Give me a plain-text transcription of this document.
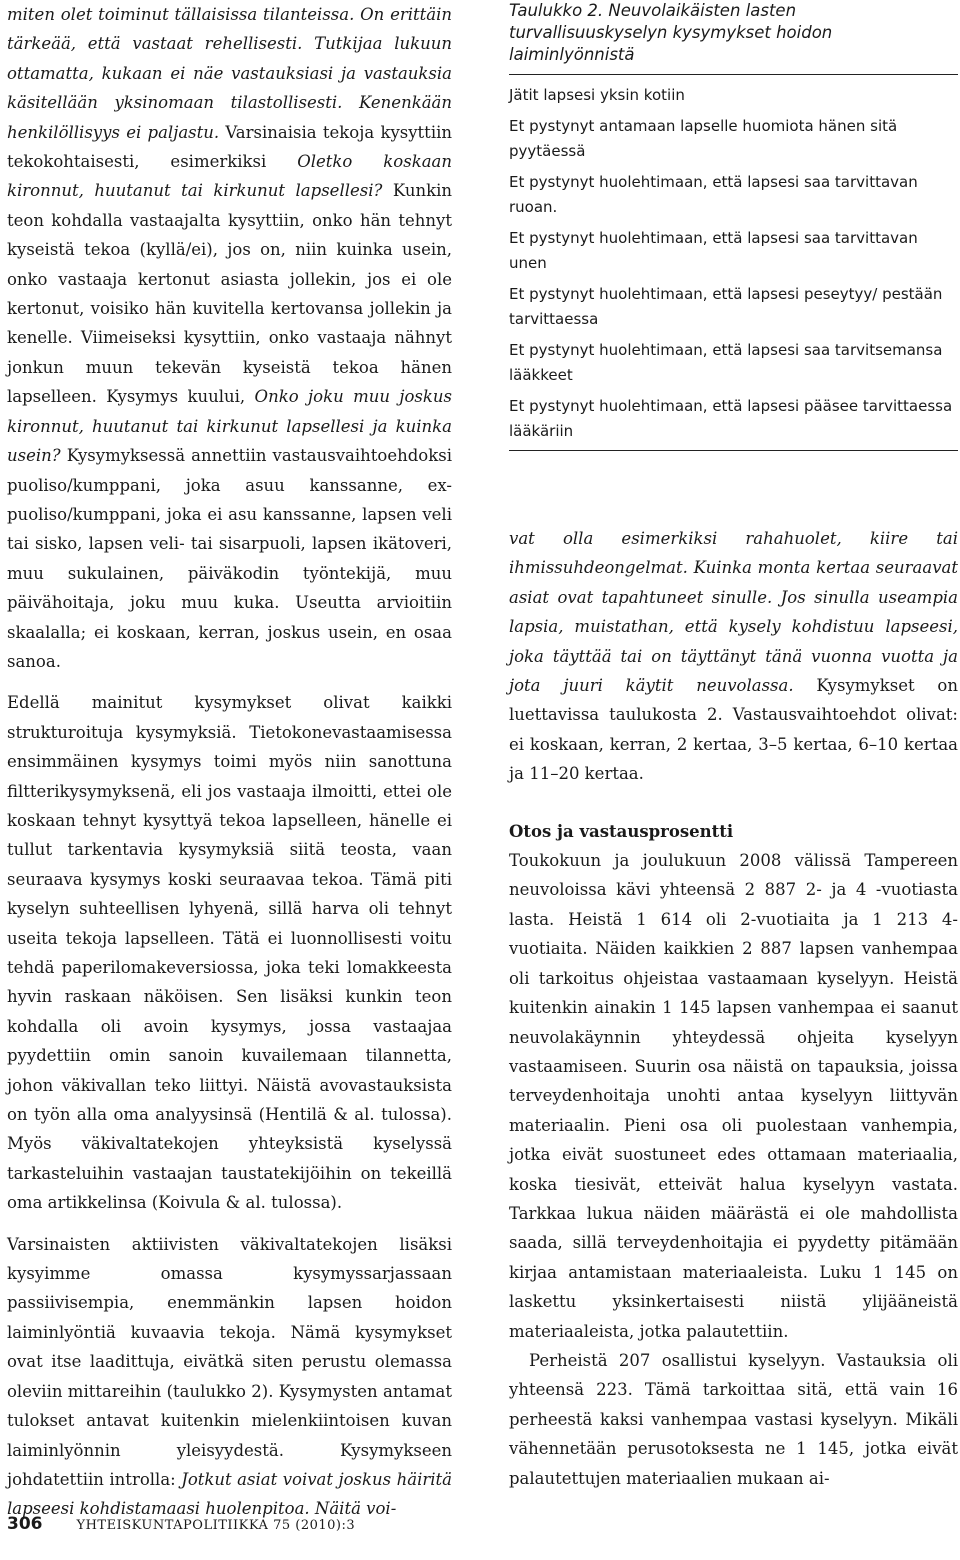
miten olet toiminut tällaisissa tilanteissa. On erittäin tärkeää, että vastaat rehellisesti. Tutkijaa lukuun ottamatta, kukaan ei näe vastauksiasi ja vastauksia käsitellään yksinomaan tilastollisesti. Kenenkään henkilöllisyys ei paljastu. Varsinaisia tekoja kysyttiin tekokohtaisesti, esimerkiksi Oletko koskaan kironnut, huutanut tai kirkunut lapsellesi? Kunkin teon kohdalla vastaajalta kysyttiin, onko hän tehnyt kyseistä tekoa (kyllä/ei), jos on, niin kuinka usein, onko vastaaja kertonut asiasta jollekin, jos ei ole kertonut, voisiko hän kuvitella kertovansa jollekin ja kenelle. Viimeiseksi kysyttiin, onko vastaaja nähnyt jonkun muun tekevän kyseistä tekoa hänen lapselleen. Kysymys kuului, Onko joku muu joskus kironnut, huutanut tai kirkunut lapsellesi ja kuinka usein? Kysymyksessä annettiin vastausvaihtoehdoksi puoliso/kumppani, joka asuu kanssanne, ex-puoliso/kumppani, joka ei asu kanssanne, lapsen veli tai sisko, lapsen veli- tai sisarpuoli, lapsen ikätoveri, muu sukulainen, päiväkodin työntekijä, muu päivähoitaja, joku muu kuka. Useutta arvioitiin skaalalla; ei koskaan, kerran, joskus usein, en osaa sanoa.

Edellä mainitut kysymykset olivat kaikki strukturoituja kysymyksiä. Tietokonevastaamisessa ensimmäinen kysymys toimi myös niin sanottuna filtterikysymyksenä, eli jos vastaaja ilmoitti, ettei ole koskaan tehnyt kysyttyä tekoa lapselleen, hänelle ei tullut tarkentavia kysymyksiä siitä teosta, vaan seuraava kysymys koski seuraavaa tekoa. Tämä piti kyselyn suhteellisen lyhyenä, sillä harva oli tehnyt useita tekoja lapselleen. Tätä ei luonnollisesti voitu tehdä paperilomakeversiossa, joka teki lomakkeesta hyvin raskaan näköisen. Sen lisäksi kunkin teon kohdalla oli avoin kysymys, jossa vastaajaa pyydettiin omin sanoin kuvailemaan tilannetta, johon väkivallan teko liittyi. Näistä avovastauksista on työn alla oma analyysinsä (Hentilä & al. tulossa). Myös väkivaltatekojen yhteyksistä kyselyssä tarkasteluihin vastaajan taustatekijöihin on tekeillä oma artikkelinsa (Koivula & al. tulossa).

Varsinaisten aktiivisten väkivaltatekojen lisäksi kysyimme omassa kysymyssarjassaan passiivisempia, enemmänkin lapsen hoidon laiminlyöntiä kuvaavia tekoja. Nämä kysymykset ovat itse laadittuja, eivätkä siten perustu olemassa oleviin mittareihin (taulukko 2). Kysymysten antamat tulokset antavat kuitenkin mielenkiintoisen kuvan laiminlyönnin yleisyydestä. Kysymykseen johdatettiin introlla: Jotkut asiat voivat joskus häiritä lapseesi kohdistamaasi huolenpitoa. Näitä voi-

Taulukko 2. Neuvolaikäisten lasten turvallisuuskyselyn kysymykset hoidon laiminlyönnistä

Jätit lapsesi yksin kotiin
Et pystynyt antamaan lapselle huomiota hänen sitä pyytäessä
Et pystynyt huolehtimaan, että lapsesi saa tarvittavan ruoan.
Et pystynyt huolehtimaan, että lapsesi saa tarvittavan unen
Et pystynyt huolehtimaan, että lapsesi peseytyy/ pestään tarvittaessa
Et pystynyt huolehtimaan, että lapsesi saa tarvitsemansa lääkkeet
Et pystynyt huolehtimaan, että lapsesi pääsee tarvittaessa lääkäriin

vat olla esimerkiksi rahahuolet, kiire tai ihmissuhdeongelmat. Kuinka monta kertaa seuraavat asiat ovat tapahtuneet sinulle. Jos sinulla useampia lapsia, muistathan, että kysely kohdistuu lapseesi, joka täyttää tai on täyttänyt tänä vuonna vuotta ja jota juuri käytit neuvolassa. Kysymykset on luettavissa taulukosta 2. Vastausvaihtoehdot olivat: ei koskaan, kerran, 2 kertaa, 3–5 kertaa, 6–10 kertaa ja 11–20 kertaa.

Otos ja vastausprosentti

Toukokuun ja joulukuun 2008 välissä Tampereen neuvoloissa kävi yhteensä 2 887 2- ja 4 -vuotiasta lasta. Heistä 1 614 oli 2-vuotiaita ja 1 213 4-vuotiaita. Näiden kaikkien 2 887 lapsen vanhempaa oli tarkoitus ohjeistaa vastaamaan kyselyyn. Heistä kuitenkin ainakin 1 145 lapsen vanhempaa ei saanut neuvolakäynnin yhteydessä ohjeita kyselyyn vastaamiseen. Suurin osa näistä on tapauksia, joissa terveydenhoitaja unohti antaa kyselyyn liittyvän materiaalin. Pieni osa oli puolestaan vanhempia, jotka eivät suostuneet edes ottamaan materiaalia, koska tiesivät, etteivät halua kyselyyn vastata. Tarkkaa lukua näiden määrästä ei ole mahdollista saada, sillä terveydenhoitajia ei pyydetty pitämään kirjaa antamistaan materiaaleista. Luku 1 145 on laskettu yksinkertaisesti niistä ylijääneistä materiaaleista, jotka palautettiin.

Perheistä 207 osallistui kyselyyn. Vastauksia oli yhteensä 223. Tämä tarkoittaa sitä, että vain 16 perheestä kaksi vanhempaa vastasi kyselyyn. Mikäli vähennetään perusotoksesta ne 1 145, jotka eivät palautettujen materiaalien mukaan ai-

306	YHTEISKUNTAPOLITIIKKA 75 (2010):3
